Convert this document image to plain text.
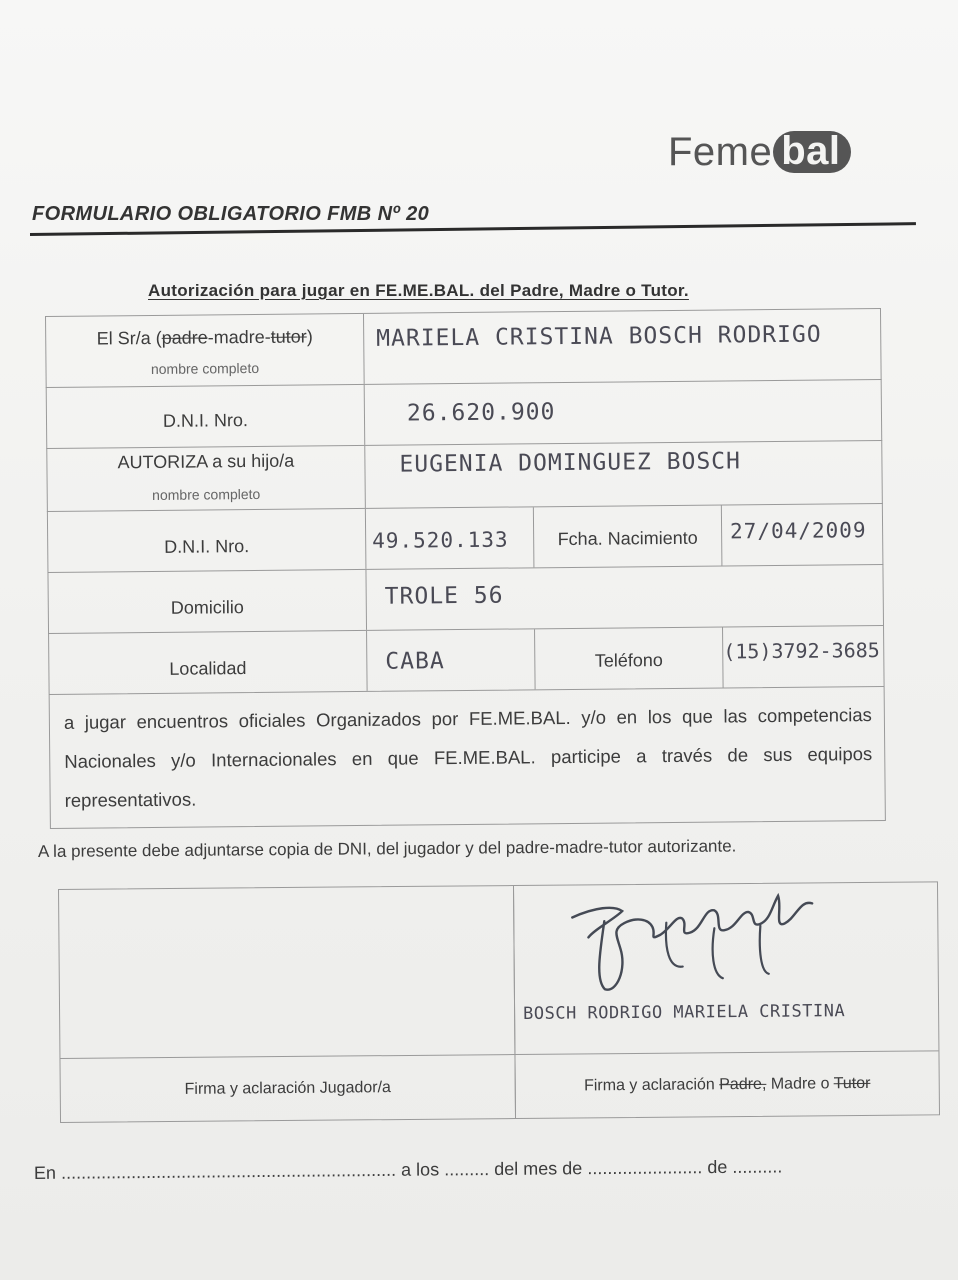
Feme bal
FORMULARIO OBLIGATORIO FMB Nº 20
Autorización para jugar en FE.ME.BAL. del Padre, Madre o Tutor.
El Sr/a (padre-madre-tutor)
nombre completo
MARIELA CRISTINA BOSCH RODRIGO
D.N.I. Nro.	26.620.900
AUTORIZA a su hijo/a
nombre completo
EUGENIA DOMINGUEZ BOSCH
D.N.I. Nro.	49.520.133	Fcha. Nacimiento	27/04/2009
Domicilio	TROLE 56
Localidad	CABA	Teléfono	(15)3792-3685
a jugar encuentros oficiales Organizados por FE.ME.BAL. y/o en los que las competencias Nacionales y/o Internacionales en que FE.ME.BAL. participe a través de sus equipos representativos.
A la presente debe adjuntarse copia de DNI, del jugador y del padre-madre-tutor autorizante.
Firma y aclaración Jugador/a
BOSCH RODRIGO MARIELA CRISTINA
Firma y aclaración Padre, Madre o Tutor
En ................................................................... a los ......... del mes de ....................... de ..........
